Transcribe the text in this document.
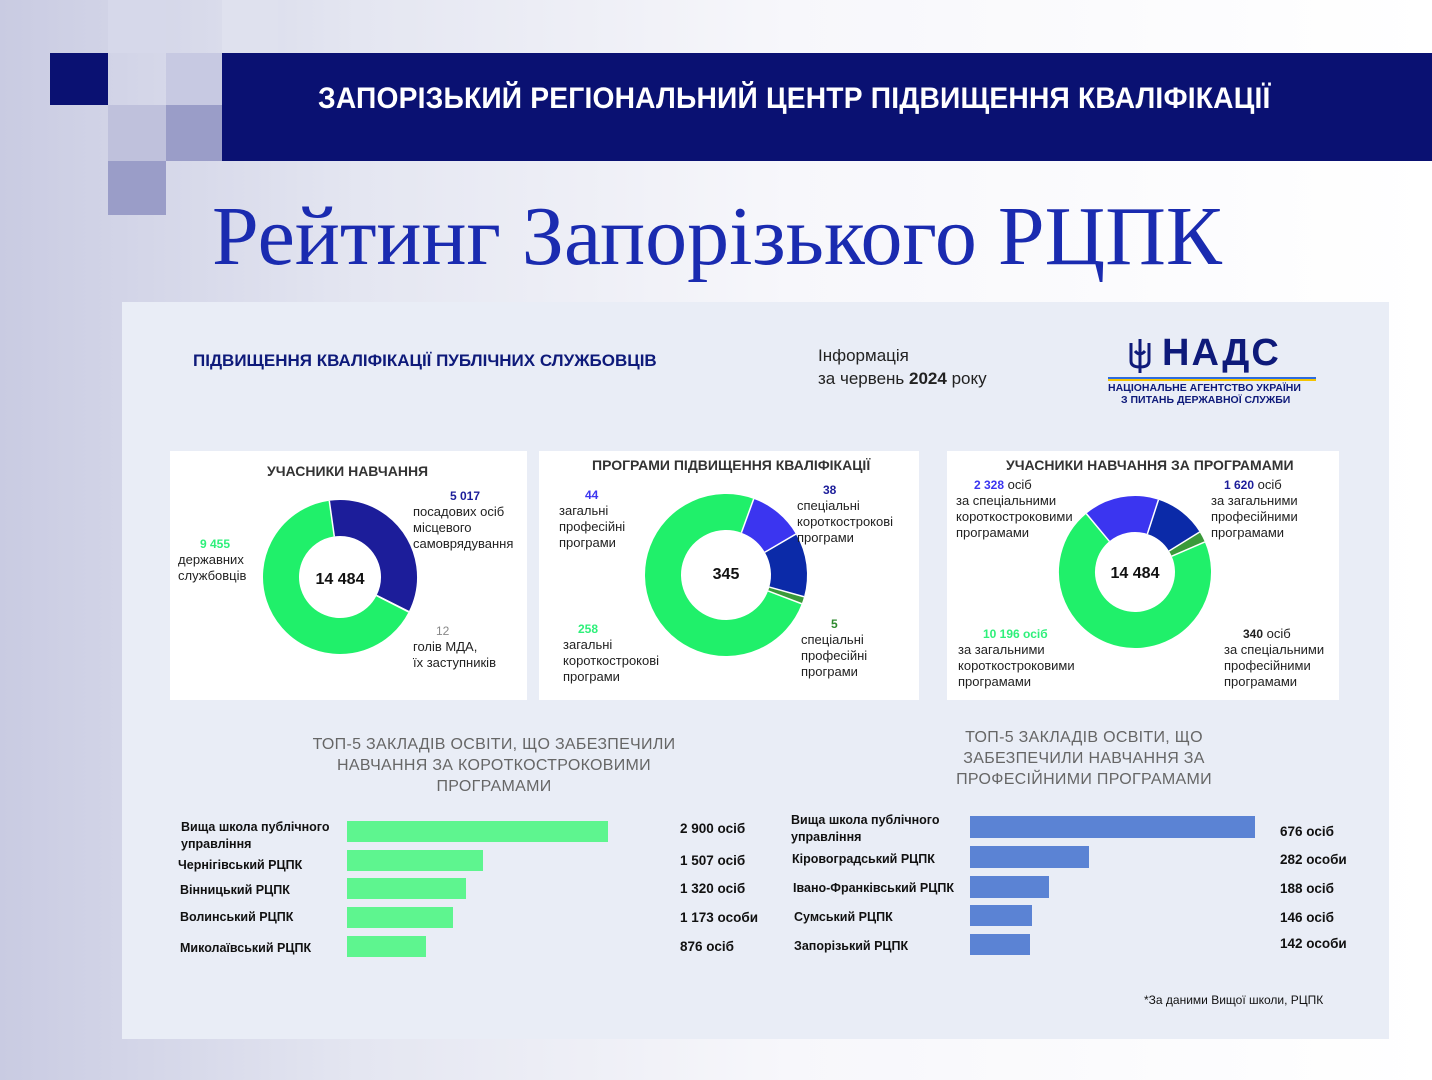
ЗАПОРІЗЬКИЙ РЕГІОНАЛЬНИЙ ЦЕНТР ПІДВИЩЕННЯ КВАЛІФІКАЦІЇ
Рейтинг Запорізького РЦПК
ПІДВИЩЕННЯ КВАЛІФІКАЦІЇ ПУБЛІЧНИХ СЛУЖБОВЦІВ	Інформація
за червень 2024 року
НАДС
НАЦІОНАЛЬНЕ АГЕНТСТВО УКРАЇНИ
З ПИТАНЬ ДЕРЖАВНОЇ СЛУЖБИ
УЧАСНИКИ НАВЧАННЯ
14 484
5 017
посадових осіб
місцевого
самоврядування
12
голів МДА,
їх заступників
9 455
державних
службовців
ПРОГРАМИ ПІДВИЩЕННЯ КВАЛІФІКАЦІЇ
345
38
спеціальні
короткострокові
програми
44
загальні
професійні
програми
5
спеціальні
професійні
програми
258
загальні
короткострокові
програми
УЧАСНИКИ НАВЧАННЯ ЗА ПРОГРАМАМИ
14 484
1 620 осіб
за загальними
професійними
програмами
340 осіб
за спеціальними
професійними
програмами
10 196 осіб
за загальними
короткостроковими
програмами
2 328 осіб
за спеціальними
короткостроковими
програмами
ТОП-5 ЗАКЛАДІВ ОСВІТИ, ЩО ЗАБЕЗПЕЧИЛИ
НАВЧАННЯ ЗА КОРОТКОСТРОКОВИМИ
ПРОГРАМАМИ
ТОП-5 ЗАКЛАДІВ ОСВІТИ, ЩО
ЗАБЕЗПЕЧИЛИ НАВЧАННЯ ЗА
ПРОФЕСІЙНИМИ ПРОГРАМАМИ
Вища школа публічного
управління
Чернігівський РЦПК
Вінницький РЦПК
Волинський РЦПК
Миколаївський РЦПК
2 900 осіб
1 507 осіб
1 320 осіб
1 173 особи
876 осіб
Вища школа публічного
управління
Кіровоградський РЦПК
Івано-Франківський РЦПК
Сумський РЦПК
Запорізький РЦПК
676 осіб
282 особи
188 осіб
146 осіб
142 особи
*За даними Вищої школи, РЦПК
